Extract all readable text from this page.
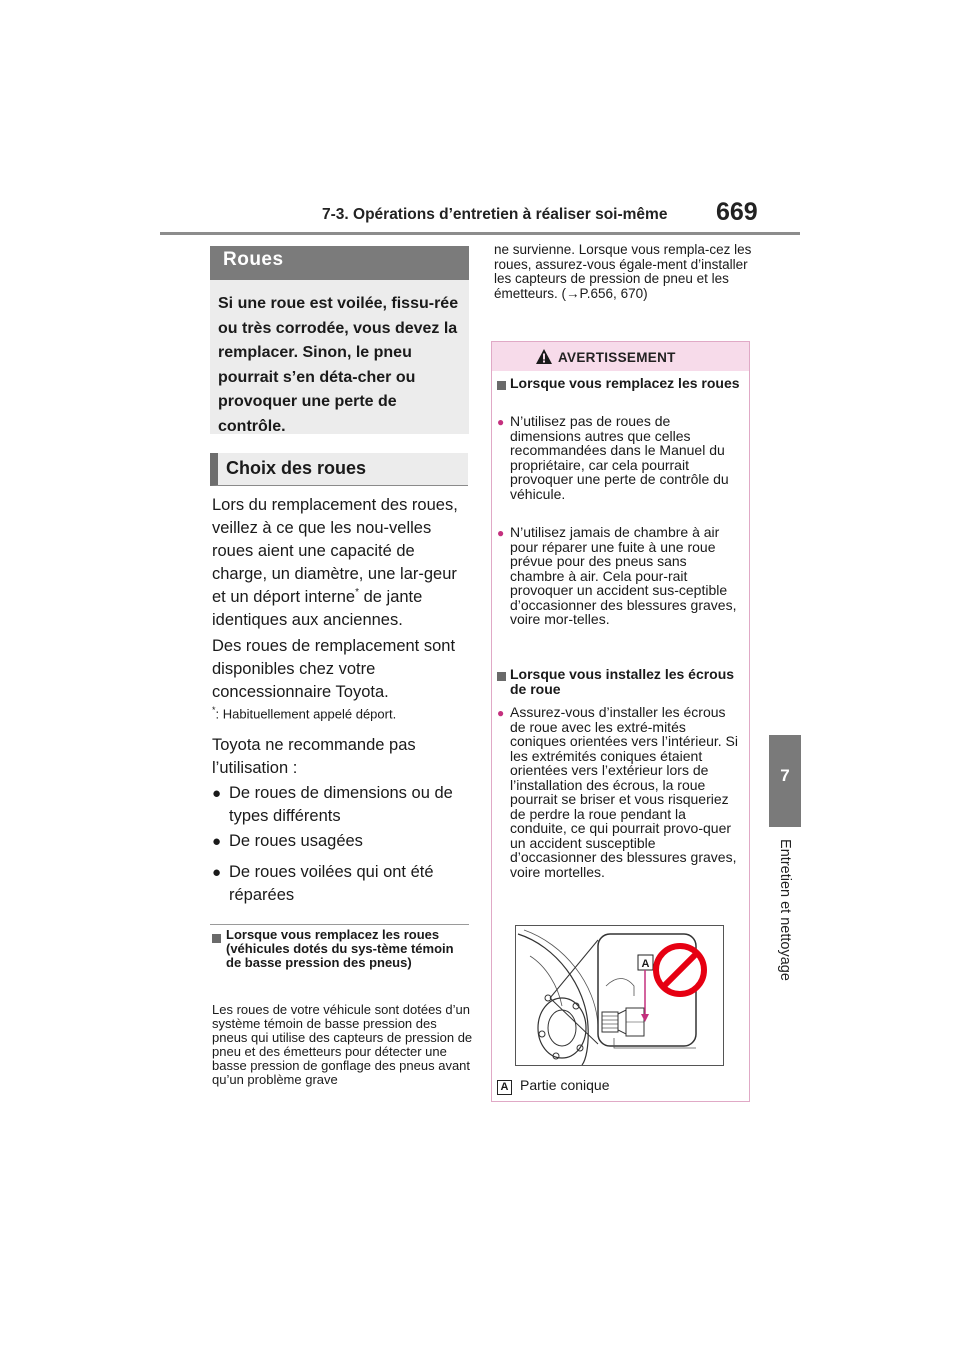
7-3. Opérations d’entretien à réaliser soi-même 669
7
Entretien et nettoyage
Roues
Si une roue est voilée, fissu-rée ou très corrodée, vous devez la remplacer. Sinon, le pneu pourrait s’en déta-cher ou provoquer une perte de contrôle.
Choix des roues
Lors du remplacement des roues, veillez à ce que les nou-velles roues aient une capacité de charge, un diamètre, une lar-geur et un déport interne* de jante identiques aux anciennes.
Des roues de remplacement sont disponibles chez votre concessionnaire Toyota.
*: Habituellement appelé déport.
Toyota ne recommande pas l’utilisation :
● De roues de dimensions ou de types différents
● De roues usagées
● De roues voilées qui ont été réparées
Lorsque vous remplacez les roues (véhicules dotés du sys-tème témoin de basse pression des pneus)
Les roues de votre véhicule sont dotées d’un système témoin de basse pression des pneus qui utilise des capteurs de pression de pneu et des émetteurs pour détecter une basse pression de gonflage des pneus avant qu’un problème grave
ne survienne. Lorsque vous rempla-cez les roues, assurez-vous égale-ment d’installer les capteurs de pression de pneu et les émetteurs. (→P.656, 670)
AVERTISSEMENT
Lorsque vous remplacez les roues
● N’utilisez pas de roues de dimensions autres que celles recommandées dans le Manuel du propriétaire, car cela pourrait provoquer une perte de contrôle du véhicule.
● N’utilisez jamais de chambre à air pour réparer une fuite à une roue prévue pour des pneus sans chambre à air. Cela pour-rait provoquer un accident sus-ceptible d’occasionner des blessures graves, voire mor-telles.
Lorsque vous installez les écrous de roue
● Assurez-vous d’installer les écrous de roue avec les extré-mités coniques orientées vers l’intérieur. Si les extrémités coniques étaient orientées vers l’extérieur lors de l’installation des écrous, la roue pourrait se briser et vous risqueriez de perdre la roue pendant la conduite, ce qui pourrait provo-quer un accident susceptible d’occasionner des blessures graves, voire mortelles.
A
A Partie conique
